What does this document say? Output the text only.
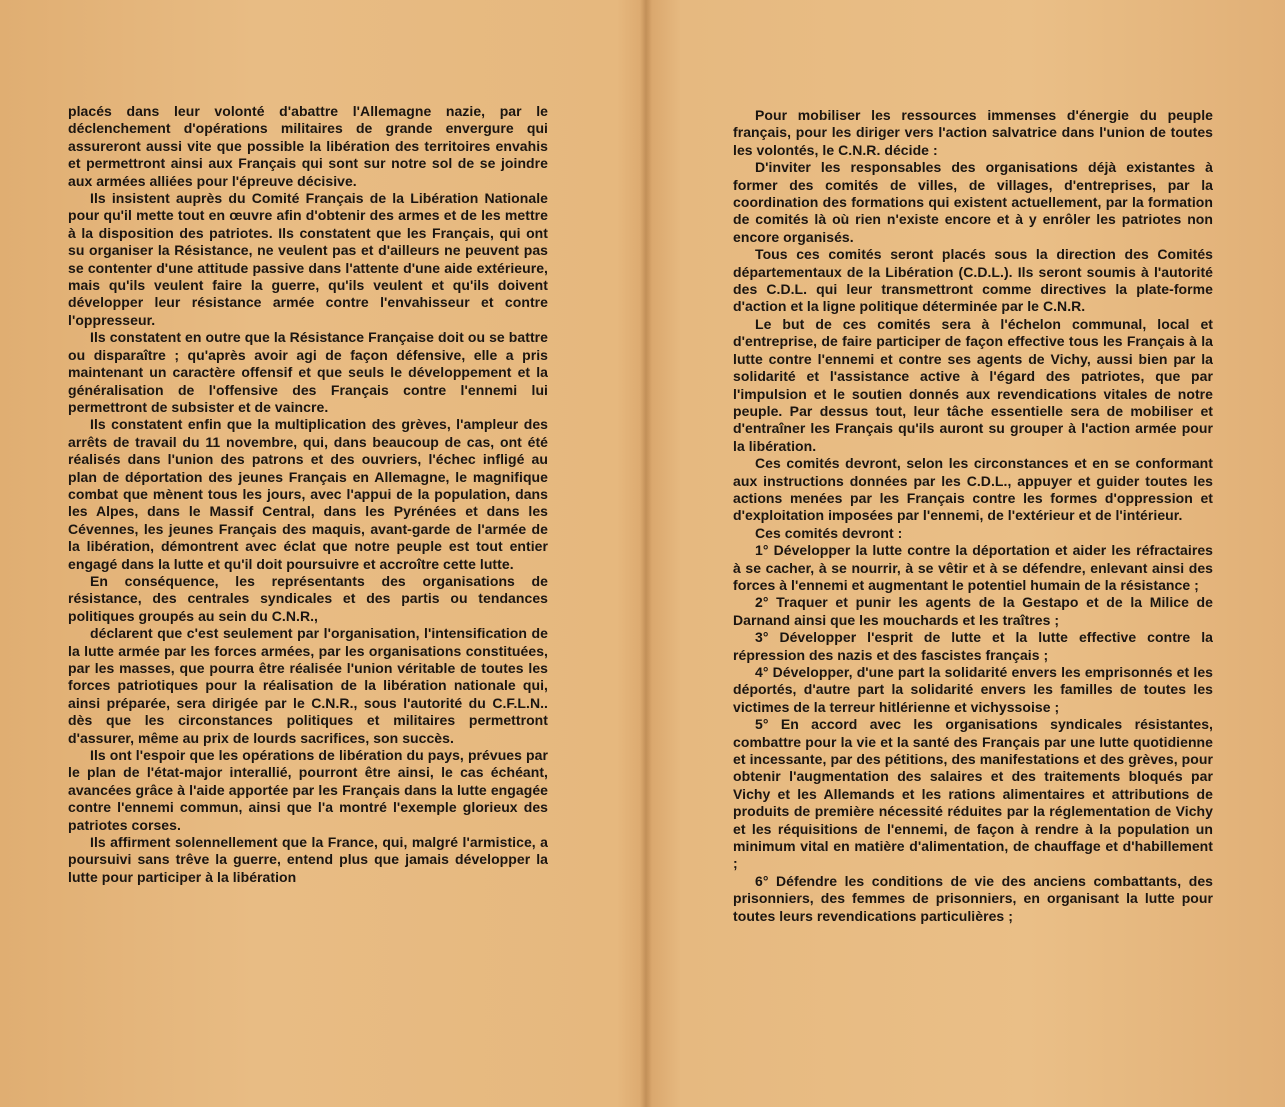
placés dans leur volonté d'abattre l'Allemagne nazie, par le déclenchement d'opérations militaires de grande envergure qui assureront aussi vite que possible la libération des territoires envahis et permettront ainsi aux Français qui sont sur notre sol de se joindre aux armées alliées pour l'épreuve décisive.

Ils insistent auprès du Comité Français de la Libération Nationale pour qu'il mette tout en œuvre afin d'obtenir des armes et de les mettre à la disposition des patriotes. Ils constatent que les Français, qui ont su organiser la Résistance, ne veulent pas et d'ailleurs ne peuvent pas se contenter d'une attitude passive dans l'attente d'une aide extérieure, mais qu'ils veulent faire la guerre, qu'ils veulent et qu'ils doivent développer leur résistance armée contre l'envahisseur et contre l'oppresseur.

Ils constatent en outre que la Résistance Française doit ou se battre ou disparaître ; qu'après avoir agi de façon défensive, elle a pris maintenant un caractère offensif et que seuls le développement et la généralisation de l'offensive des Français contre l'ennemi lui permettront de subsister et de vaincre.

Ils constatent enfin que la multiplication des grèves, l'ampleur des arrêts de travail du 11 novembre, qui, dans beaucoup de cas, ont été réalisés dans l'union des patrons et des ouvriers, l'échec infligé au plan de déportation des jeunes Français en Allemagne, le magnifique combat que mènent tous les jours, avec l'appui de la population, dans les Alpes, dans le Massif Central, dans les Pyrénées et dans les Cévennes, les jeunes Français des maquis, avant-garde de l'armée de la libération, démontrent avec éclat que notre peuple est tout entier engagé dans la lutte et qu'il doit poursuivre et accroître cette lutte.

En conséquence, les représentants des organisations de résistance, des centrales syndicales et des partis ou tendances politiques groupés au sein du C.N.R.,

déclarent que c'est seulement par l'organisation, l'intensification de la lutte armée par les forces armées, par les organisations constituées, par les masses, que pourra être réalisée l'union véritable de toutes les forces patriotiques pour la réalisation de la libération nationale qui, ainsi préparée, sera dirigée par le C.N.R., sous l'autorité du C.F.L.N.. dès que les circonstances politiques et militaires permettront d'assurer, même au prix de lourds sacrifices, son succès.

Ils ont l'espoir que les opérations de libération du pays, prévues par le plan de l'état-major interallié, pourront être ainsi, le cas échéant, avancées grâce à l'aide apportée par les Français dans la lutte engagée contre l'ennemi commun, ainsi que l'a montré l'exemple glorieux des patriotes corses.

Ils affirment solennellement que la France, qui, malgré l'armistice, a poursuivi sans trêve la guerre, entend plus que jamais développer la lutte pour participer à la libération

Pour mobiliser les ressources immenses d'énergie du peuple français, pour les diriger vers l'action salvatrice dans l'union de toutes les volontés, le C.N.R. décide :

D'inviter les responsables des organisations déjà existantes à former des comités de villes, de villages, d'entreprises, par la coordination des formations qui existent actuellement, par la formation de comités là où rien n'existe encore et à y enrôler les patriotes non encore organisés.

Tous ces comités seront placés sous la direction des Comités départementaux de la Libération (C.D.L.). Ils seront soumis à l'autorité des C.D.L. qui leur transmettront comme directives la plate-forme d'action et la ligne politique déterminée par le C.N.R.

Le but de ces comités sera à l'échelon communal, local et d'entreprise, de faire participer de façon effective tous les Français à la lutte contre l'ennemi et contre ses agents de Vichy, aussi bien par la solidarité et l'assistance active à l'égard des patriotes, que par l'impulsion et le soutien donnés aux revendications vitales de notre peuple. Par dessus tout, leur tâche essentielle sera de mobiliser et d'entraîner les Français qu'ils auront su grouper à l'action armée pour la libération.

Ces comités devront, selon les circonstances et en se conformant aux instructions données par les C.D.L., appuyer et guider toutes les actions menées par les Français contre les formes d'oppression et d'exploitation imposées par l'ennemi, de l'extérieur et de l'intérieur.

Ces comités devront :

1° Développer la lutte contre la déportation et aider les réfractaires à se cacher, à se nourrir, à se vêtir et à se défendre, enlevant ainsi des forces à l'ennemi et augmentant le potentiel humain de la résistance ;

2° Traquer et punir les agents de la Gestapo et de la Milice de Darnand ainsi que les mouchards et les traîtres ;

3° Développer l'esprit de lutte et la lutte effective contre la répression des nazis et des fascistes français ;

4° Développer, d'une part la solidarité envers les emprisonnés et les déportés, d'autre part la solidarité envers les familles de toutes les victimes de la terreur hitlérienne et vichyssoise ;

5° En accord avec les organisations syndicales résistantes, combattre pour la vie et la santé des Français par une lutte quotidienne et incessante, par des pétitions, des manifestations et des grèves, pour obtenir l'augmentation des salaires et des traitements bloqués par Vichy et les Allemands et les rations alimentaires et attributions de produits de première nécessité réduites par la réglementation de Vichy et les réquisitions de l'ennemi, de façon à rendre à la population un minimum vital en matière d'alimentation, de chauffage et d'habillement ;

6° Défendre les conditions de vie des anciens combattants, des prisonniers, des femmes de prisonniers, en organisant la lutte pour toutes leurs revendications particulières ;
